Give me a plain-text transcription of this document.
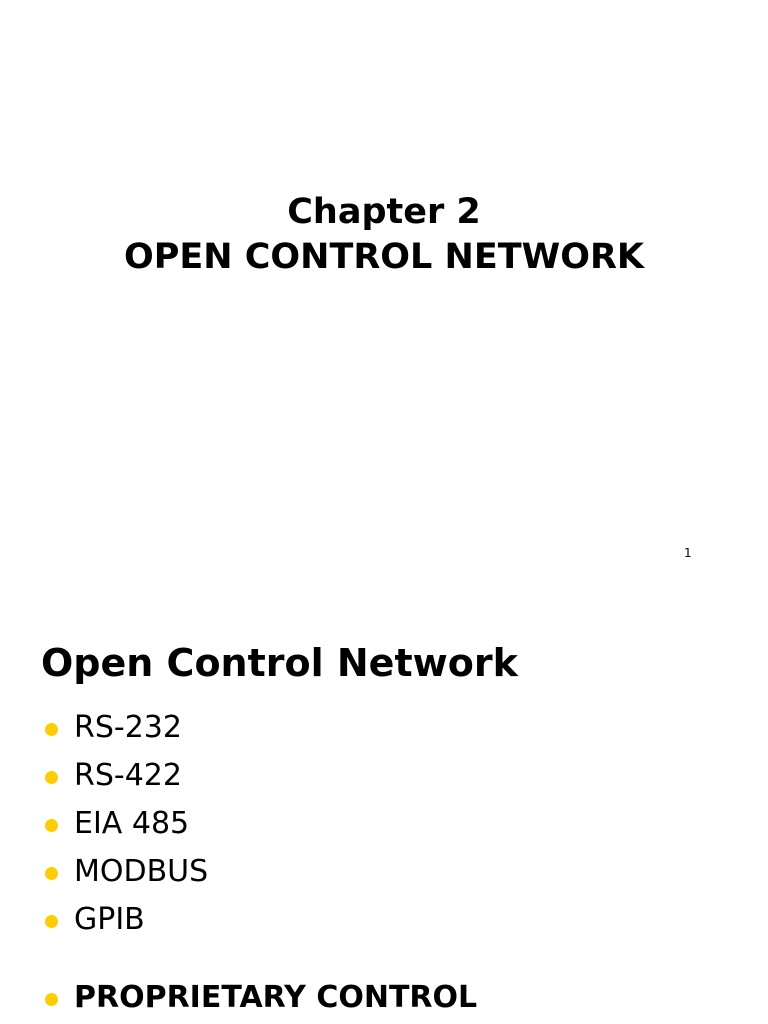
Chapter 2
OPEN CONTROL NETWORK
1
Open Control Network
RS-232
RS-422
EIA 485
MODBUS
GPIB
PROPRIETARY CONTROL
